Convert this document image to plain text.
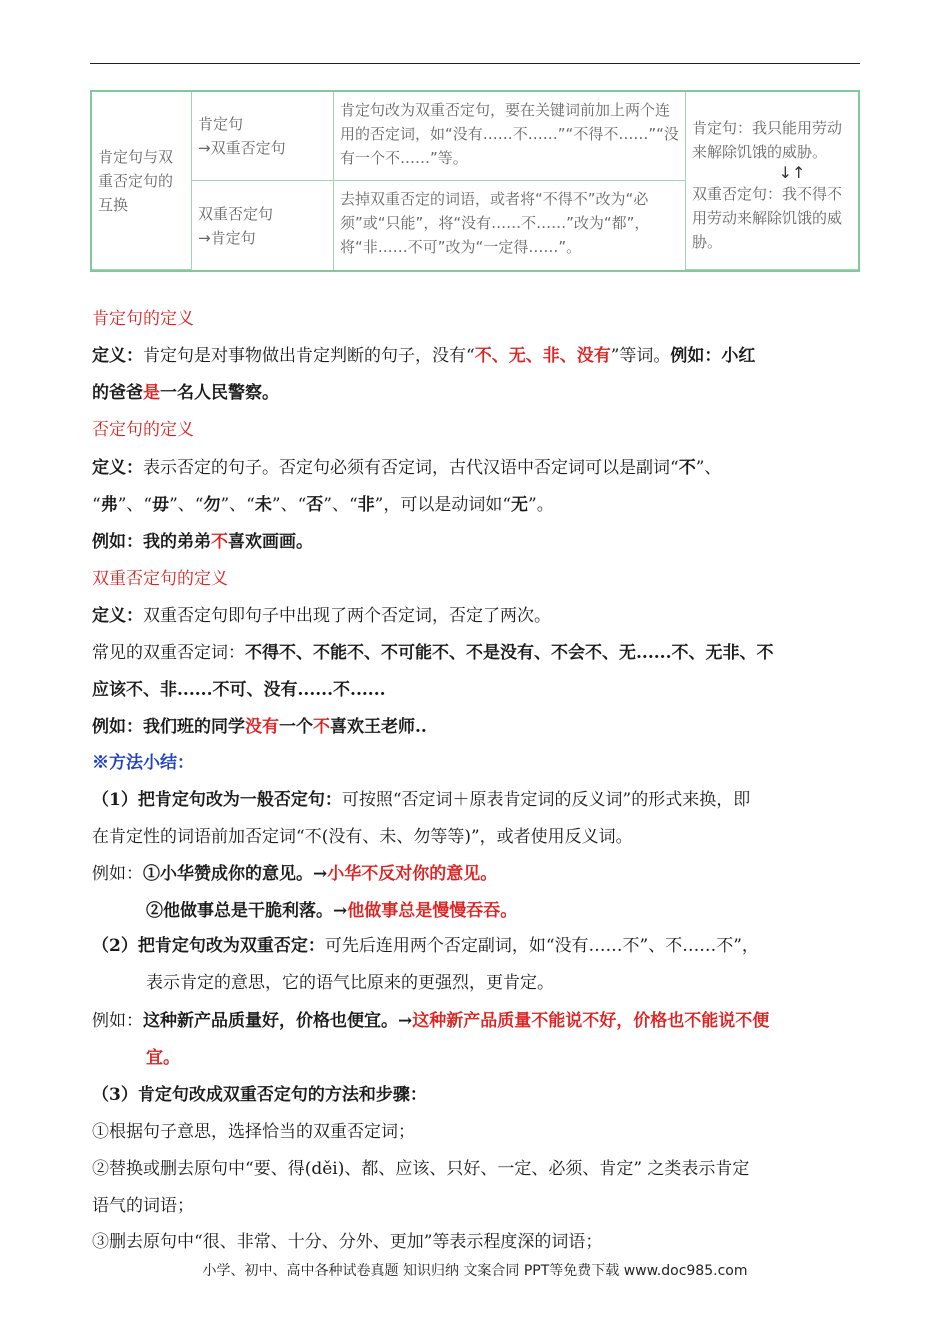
肯定句与双重否定句的互换
肯定句
→双重否定句
肯定句改为双重否定句，要在关键词前加上两个连用的否定词，如“没有……不……”“不得不……”“没有一个不……”等。
肯定句：我只能用劳动来解除饥饿的威胁。
↓↑
双重否定句：我不得不用劳动来解除饥饿的威胁。
双重否定句
→肯定句
去掉双重否定的词语，或者将“不得不”改为“必须”或“只能”，将“没有……不……”改为“都”，将“非……不可”改为“一定得……”。

肯定句的定义

定义：肯定句是对事物做出肯定判断的句子，没有“不、无、非、没有”等词。例如：小红

的爸爸是一名人民警察。

否定句的定义

定义：表示否定的句子。否定句必须有否定词，古代汉语中否定词可以是副词“不”、

“弗”、“毋”、“勿”、“未”、“否”、“非”，可以是动词如“无”。

例如：我的弟弟不喜欢画画。

双重否定句的定义

定义：双重否定句即句子中出现了两个否定词，否定了两次。

常见的双重否定词：不得不、不能不、不可能不、不是没有、不会不、无......不、无非、不

应该不、非......不可、没有......不......

例如：我们班的同学没有一个不喜欢王老师..

※方法小结：

（1）把肯定句改为一般否定句：可按照“否定词＋原表肯定词的反义词”的形式来换，即

在肯定性的词语前加否定词“不(没有、未、勿等等)”，或者使用反义词。

例如：①小华赞成你的意见。→小华不反对你的意见。

②他做事总是干脆利落。→他做事总是慢慢吞吞。

（2）把肯定句改为双重否定：可先后连用两个否定副词，如“没有……不”、不……不”，

表示肯定的意思，它的语气比原来的更强烈，更肯定。

例如：这种新产品质量好，价格也便宜。→这种新产品质量不能说不好，价格也不能说不便

宜。

（3）肯定句改成双重否定句的方法和步骤：

①根据句子意思，选择恰当的双重否定词；

②替换或删去原句中“要、得(děi)、都、应该、只好、一定、必须、肯定” 之类表示肯定

语气的词语；

③删去原句中“很、非常、十分、分外、更加”等表示程度深的词语；

小学、初中、高中各种试卷真题 知识归纳 文案合同 PPT等免费下载 www.doc985.com
